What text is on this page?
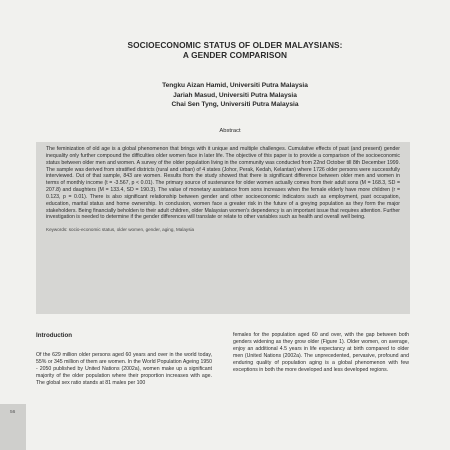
SOCIOECONOMIC STATUS OF OLDER MALAYSIANS:
A GENDER COMPARISON
Tengku Aizan Hamid, Universiti Putra Malaysia
Jariah Masud, Universiti Putra Malaysia
Chai Sen Tyng, Universiti Putra Malaysia
Abstract

The feminization of old age is a global phenomenon that brings with it unique and multiple challenges. Cumulative effects of past (and present) gender inequality only further compound the difficulties older women face in later life. The objective of this paper is to provide a comparison of the socioeconomic status between older men and women. A survey of the older population living in the community was conducted from 22nd October till 8th December 1999. The sample was derived from stratified districts (rural and urban) of 4 states (Johor, Perak, Kedah, Kelantan) where 1726 older persons were successfully interviewed. Out of that sample, 843 are women. Results from the study showed that there is significant difference between older men and women in terms of monthly income (t = -3.567, p < 0.01). The primary source of sustenance for older women actually comes from their adult sons (M = 168.3, SD = 207.8) and daughters (M = 133.4, SD = 190.3). The value of monetary assistance from sons increases when the female elderly have more children (r = 0.123, p = 0.01). There is also significant relationship between gender and other socioeconomic indicators such as employment, past occupation, education, marital status and home ownership. In conclusion, women face a greater risk in the future of a greying population as they form the major stakeholders. Being financially beholden to their adult children, older Malaysian women's dependency is an important issue that requires attention. Further investigation is needed to determine if the gender differences will translate or relate to other variables such as health and overall well being.

Keywords: socio-economic status, older women, gender, aging, Malaysia
Introduction

Of the 629 million older persons aged 60 years and over in the world today, 55% or 345 million of them are women. In the World Population Ageing 1950 - 2050 published by United Nations (2002a), women make up a significant majority of the older population where their proportion increases with age. The global sex ratio stands at 81 males per 100

females for the population aged 60 and over, with the gap between both genders widening as they grow older (Figure 1). Older women, on average, enjoy an additional 4.5 years in life expectancy at birth compared to older men (United Nations (2002a). The unprecedented, pervasive, profound and enduring quality of population aging is a global phenomenon with few exceptions in both the more developed and less developed regions.

56
